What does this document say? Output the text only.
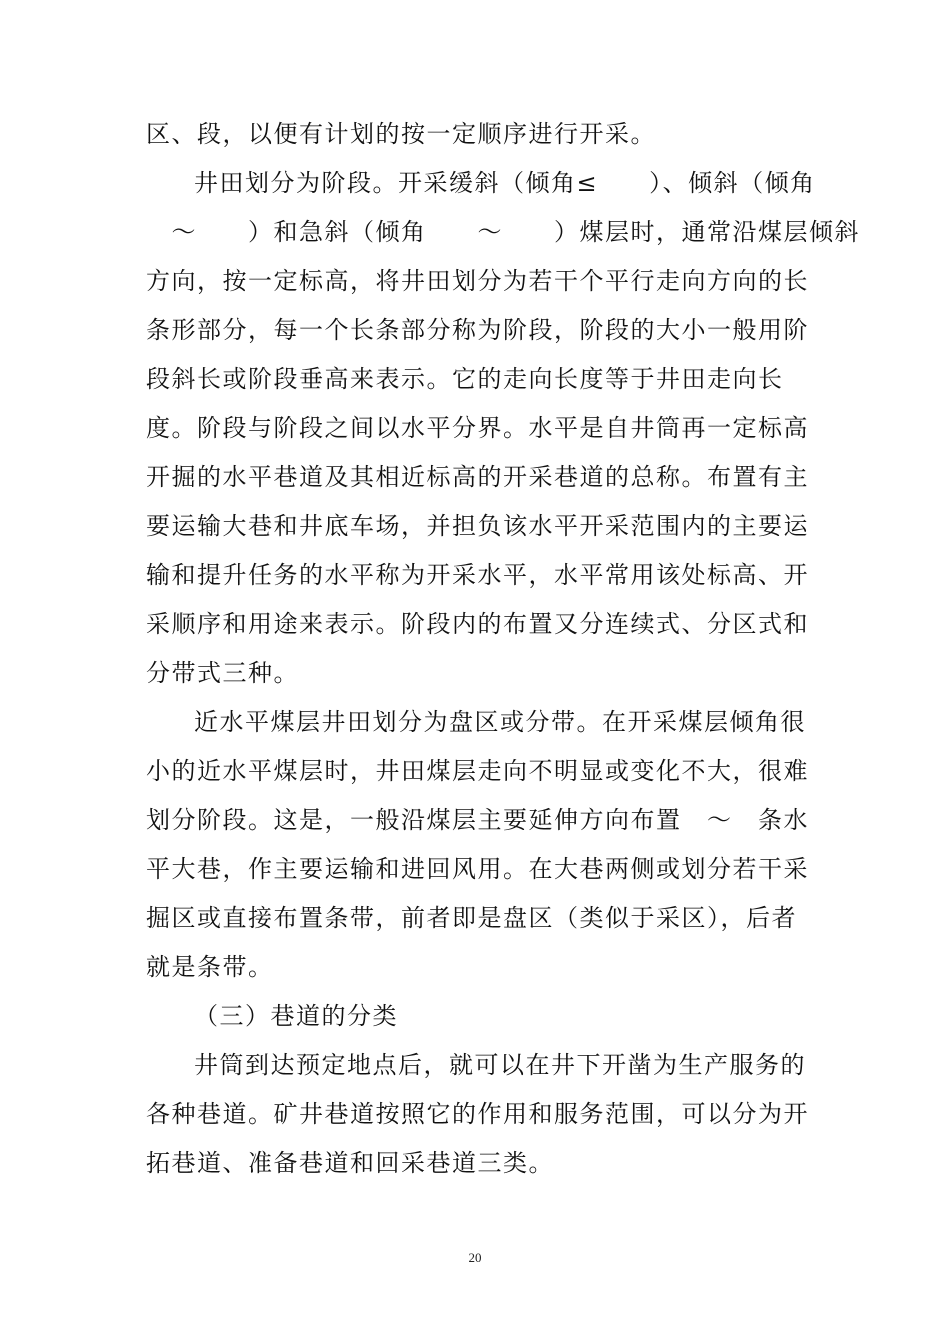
区、段，以便有计划的按一定顺序进行开采。
井田划分为阶段。开采缓斜（倾角≤　　）、倾斜（倾角
　～　　）和急斜（倾角　　～　　）煤层时，通常沿煤层倾斜
方向，按一定标高，将井田划分为若干个平行走向方向的长
条形部分，每一个长条部分称为阶段，阶段的大小一般用阶
段斜长或阶段垂高来表示。它的走向长度等于井田走向长
度。阶段与阶段之间以水平分界。水平是自井筒再一定标高
开掘的水平巷道及其相近标高的开采巷道的总称。布置有主
要运输大巷和井底车场，并担负该水平开采范围内的主要运
输和提升任务的水平称为开采水平，水平常用该处标高、开
采顺序和用途来表示。阶段内的布置又分连续式、分区式和
分带式三种。
近水平煤层井田划分为盘区或分带。在开采煤层倾角很
小的近水平煤层时，井田煤层走向不明显或变化不大，很难
划分阶段。这是，一般沿煤层主要延伸方向布置　～　条水
平大巷，作主要运输和进回风用。在大巷两侧或划分若干采
掘区或直接布置条带，前者即是盘区（类似于采区），后者
就是条带。
（三）巷道的分类
井筒到达预定地点后，就可以在井下开凿为生产服务的
各种巷道。矿井巷道按照它的作用和服务范围，可以分为开
拓巷道、准备巷道和回采巷道三类。
20
